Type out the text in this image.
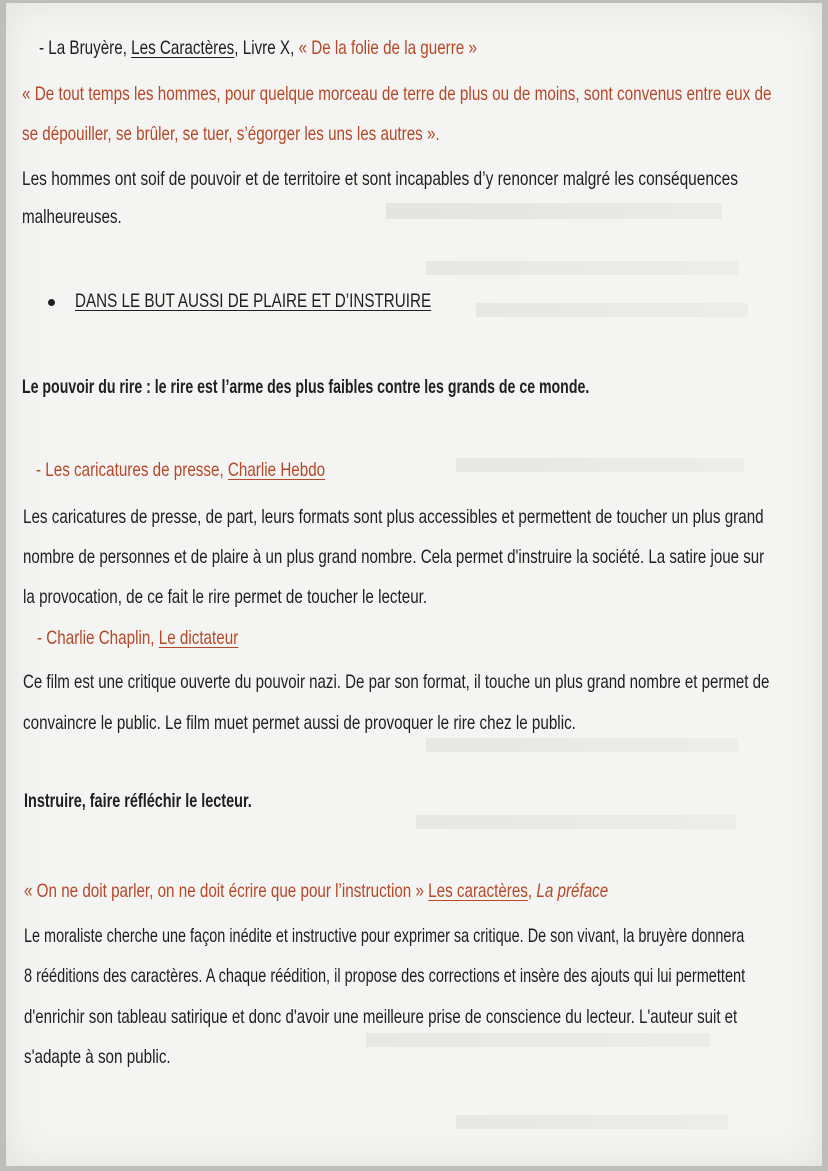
- La Bruyère, Les Caractères, Livre X, « De la folie de la guerre »
« De tout temps les hommes, pour quelque morceau de terre de plus ou de moins, sont convenus entre eux de
se dépouiller, se brûler, se tuer, s’égorger les uns les autres ».
Les hommes ont soif de pouvoir et de territoire et sont incapables d’y renoncer malgré les conséquences
malheureuses.
DANS LE BUT AUSSI DE PLAIRE ET D’INSTRUIRE
Le pouvoir du rire : le rire est l’arme des plus faibles contre les grands de ce monde.
- Les caricatures de presse, Charlie Hebdo
Les caricatures de presse, de part, leurs formats sont plus accessibles et permettent de toucher un plus grand
nombre de personnes et de plaire à un plus grand nombre. Cela permet d'instruire la société. La satire joue sur
la provocation, de ce fait le rire permet de toucher le lecteur.
- Charlie Chaplin, Le dictateur
Ce film est une critique ouverte du pouvoir nazi. De par son format, il touche un plus grand nombre et permet de
convaincre le public. Le film muet permet aussi de provoquer le rire chez le public.
Instruire, faire réfléchir le lecteur.
« On ne doit parler, on ne doit écrire que pour l’instruction » Les caractères, La préface
Le moraliste cherche une façon inédite et instructive pour exprimer sa critique. De son vivant, la bruyère donnera
8 rééditions des caractères. A chaque réédition, il propose des corrections et insère des ajouts qui lui permettent
d'enrichir son tableau satirique et donc d'avoir une meilleure prise de conscience du lecteur. L'auteur suit et
s'adapte à son public.
